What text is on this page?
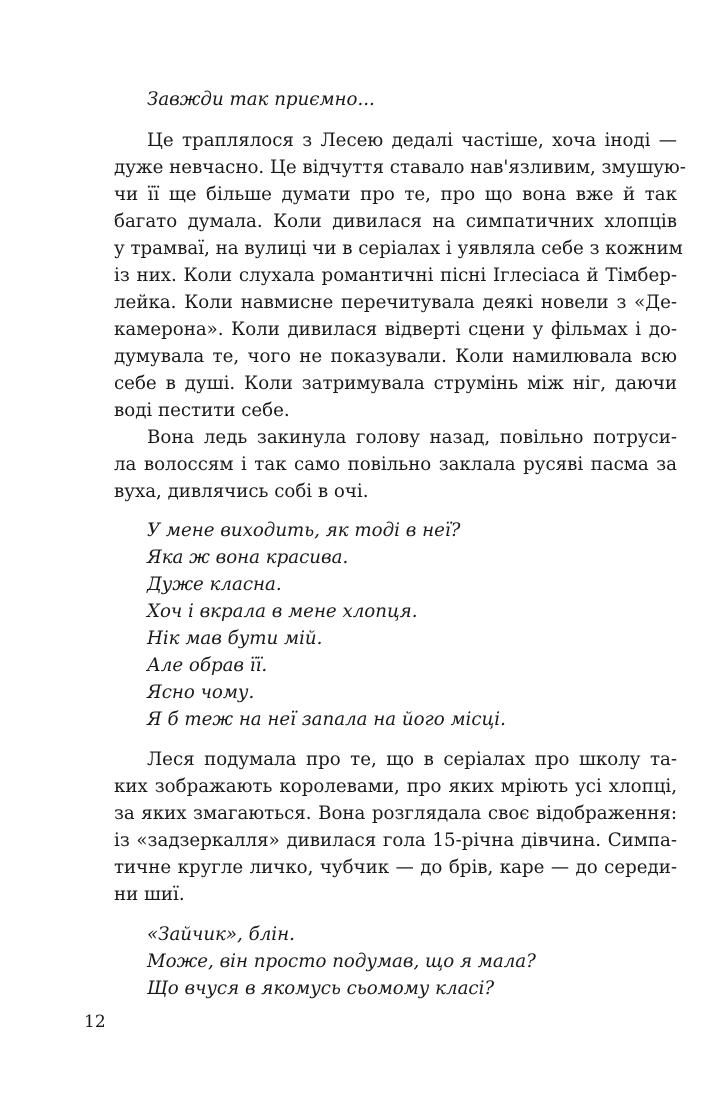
Завжди так приємно...

Це траплялося з Лесею дедалі частіше, хоча іноді —

дуже невчасно. Це відчуття ставало нав'язливим, змушую-

чи її ще більше думати про те, про що вона вже й так

багато думала. Коли дивилася на симпатичних хлопців

у трамваї, на вулиці чи в серіалах і уявляла себе з кожним

із них. Коли слухала романтичні пісні Іглесіаса й Тімбер-

лейка. Коли навмисне перечитувала деякі новели з «Де-

камерона». Коли дивилася відверті сцени у фільмах і до-

думувала те, чого не показували. Коли намилювала всю

себе в душі. Коли затримувала струмінь між ніг, даючи

воді пестити себе.

Вона ледь закинула голову назад, повільно потруси-

ла волоссям і так само повільно заклала русяві пасма за

вуха, дивлячись собі в очі.

У мене виходить, як тоді в неї?

Яка ж вона красива.

Дуже класна.

Хоч і вкрала в мене хлопця.

Нік мав бути мій.

Але обрав її.

Ясно чому.

Я б теж на неї запала на його місці.

Леся подумала про те, що в серіалах про школу та-

ких зображають королевами, про яких мріють усі хлопці,

за яких змагаються. Вона розглядала своє відображення:

із «задзеркалля» дивилася гола 15-річна дівчина. Симпа-

тичне кругле личко, чубчик — до брів, каре — до середи-

ни шиї.

«Зайчик», блін.

Може, він просто подумав, що я мала?

Що вчуся в якомусь сьомому класі?

12
